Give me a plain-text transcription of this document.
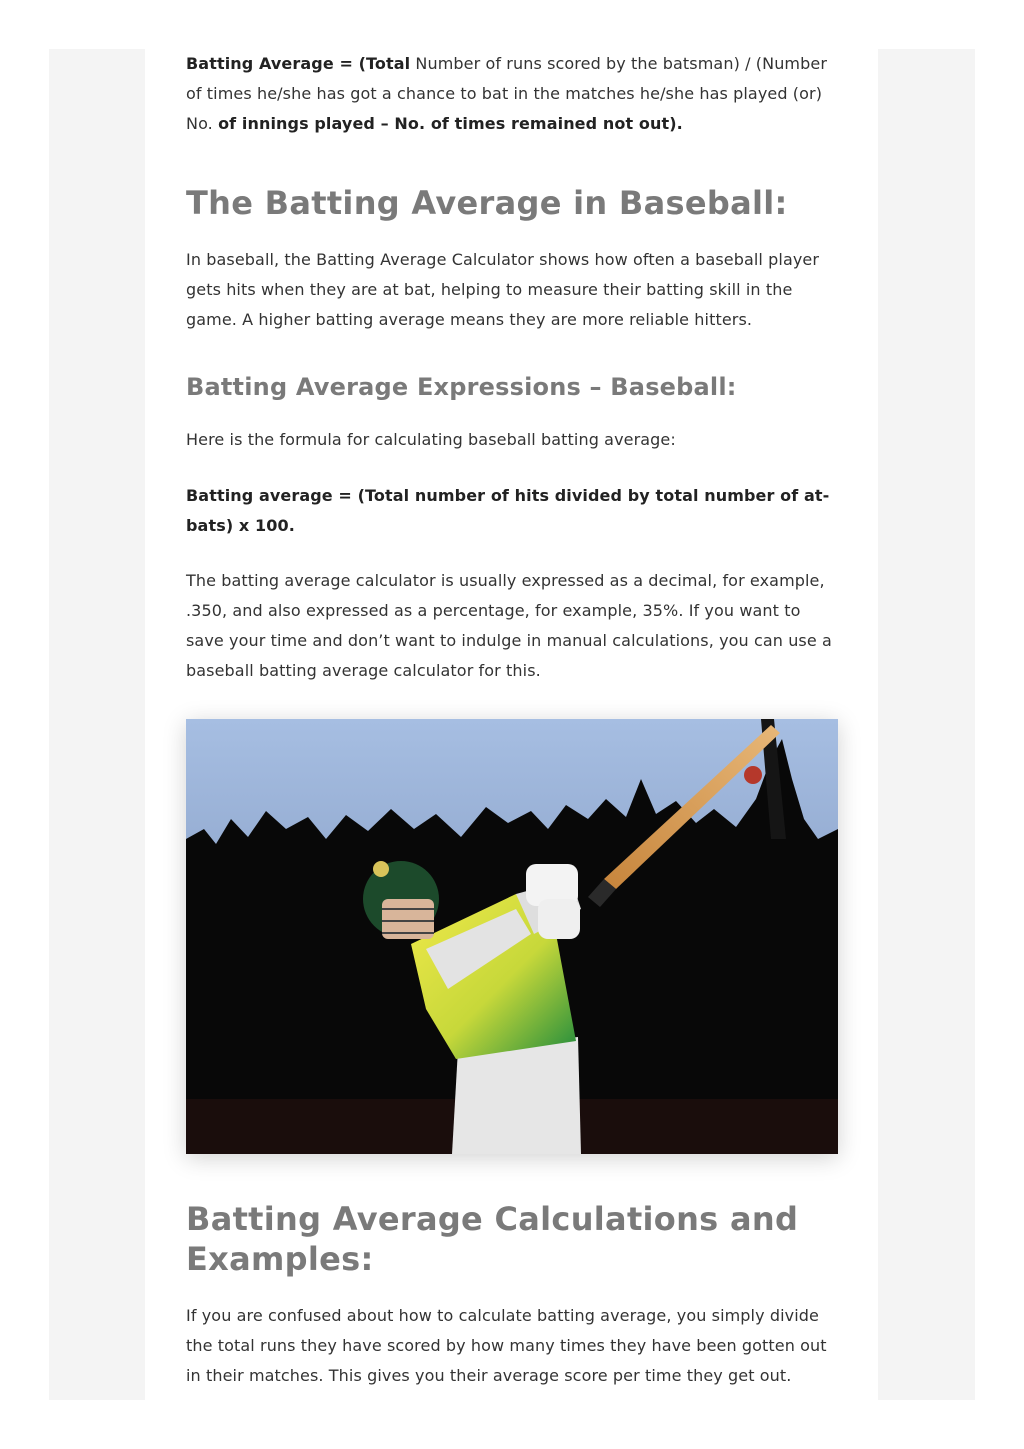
Batting Average = (Total Number of runs scored by the batsman) / (Number of times he/she has got a chance to bat in the matches he/she has played (or) No. of innings played – No. of times remained not out).

The Batting Average in Baseball:

In baseball, the Batting Average Calculator shows how often a baseball player gets hits when they are at bat, helping to measure their batting skill in the game. A higher batting average means they are more reliable hitters.

Batting Average Expressions – Baseball:

Here is the formula for calculating baseball batting average:

Batting average = (Total number of hits divided by total number of at-bats) x 100.

The batting average calculator is usually expressed as a decimal, for example, .350, and also expressed as a percentage, for example, 35%. If you want to save your time and don’t want to indulge in manual calculations, you can use a baseball batting average calculator for this.

Batting Average Calculations and Examples:

If you are confused about how to calculate batting average, you simply divide the total runs they have scored by how many times they have been gotten out in their matches. This gives you their average score per time they get out.
